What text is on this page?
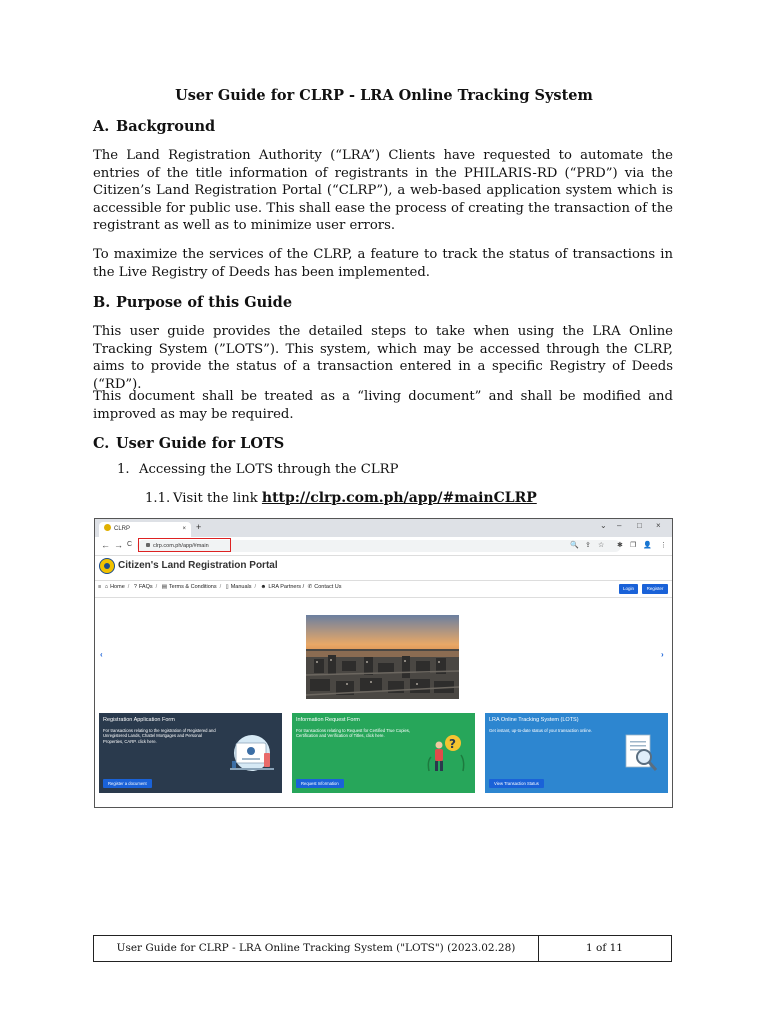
User Guide for CLRP - LRA Online Tracking System
A. Background
The Land Registration Authority (“LRA”) Clients have requested to automate the entries of the title information of registrants in the PHILARIS-RD (“PRD”) via the Citizen’s Land Registration Portal (“CLRP”), a web-based application system which is accessible for public use. This shall ease the process of creating the transaction of the registrant as well as to minimize user errors.
To maximize the services of the CLRP, a feature to track the status of transactions in the Live Registry of Deeds has been implemented.
B. Purpose of this Guide
This user guide provides the detailed steps to take when using the LRA Online Tracking System (”LOTS”). This system, which may be accessed through the CLRP, aims to provide the status of a transaction entered in a specific Registry of Deeds (“RD”).
This document shall be treated as a “living document” and shall be modified and improved as may be required.
C. User Guide for LOTS
1. Accessing the LOTS through the CLRP
1.1. Visit the link http://clrp.com.ph/app/#mainCLRP
CLRP	× +	⌄ – □ ×
← → C	clrp.com.ph/app/#main	🔍 ⇪ ☆ ✱ ❐ 👤 ⋮
Citizen's Land Registration Portal
≡ ⌂ Home / ? FAQs / ▤ Terms & Conditions / ▯ Manuals / ☻ LRA Partners / ✆ Contact Us	Login	Register
‹	›
Registration Application Form
For transactions relating to the registration of Registered and Unregistered Lands, Chattel Mortgages and Personal Properties, CARP. click here.
Register a document
Information Request Form
For transactions relating to Request for Certified True Copies, Certification and Verification of Titles, click here.
?
Request Information
LRA Online Tracking System (LOTS)
Get instant, up-to-date status of your transaction online.
View Transaction Status
User Guide for CLRP - LRA Online Tracking System ("LOTS") (2023.02.28)	1 of 11
